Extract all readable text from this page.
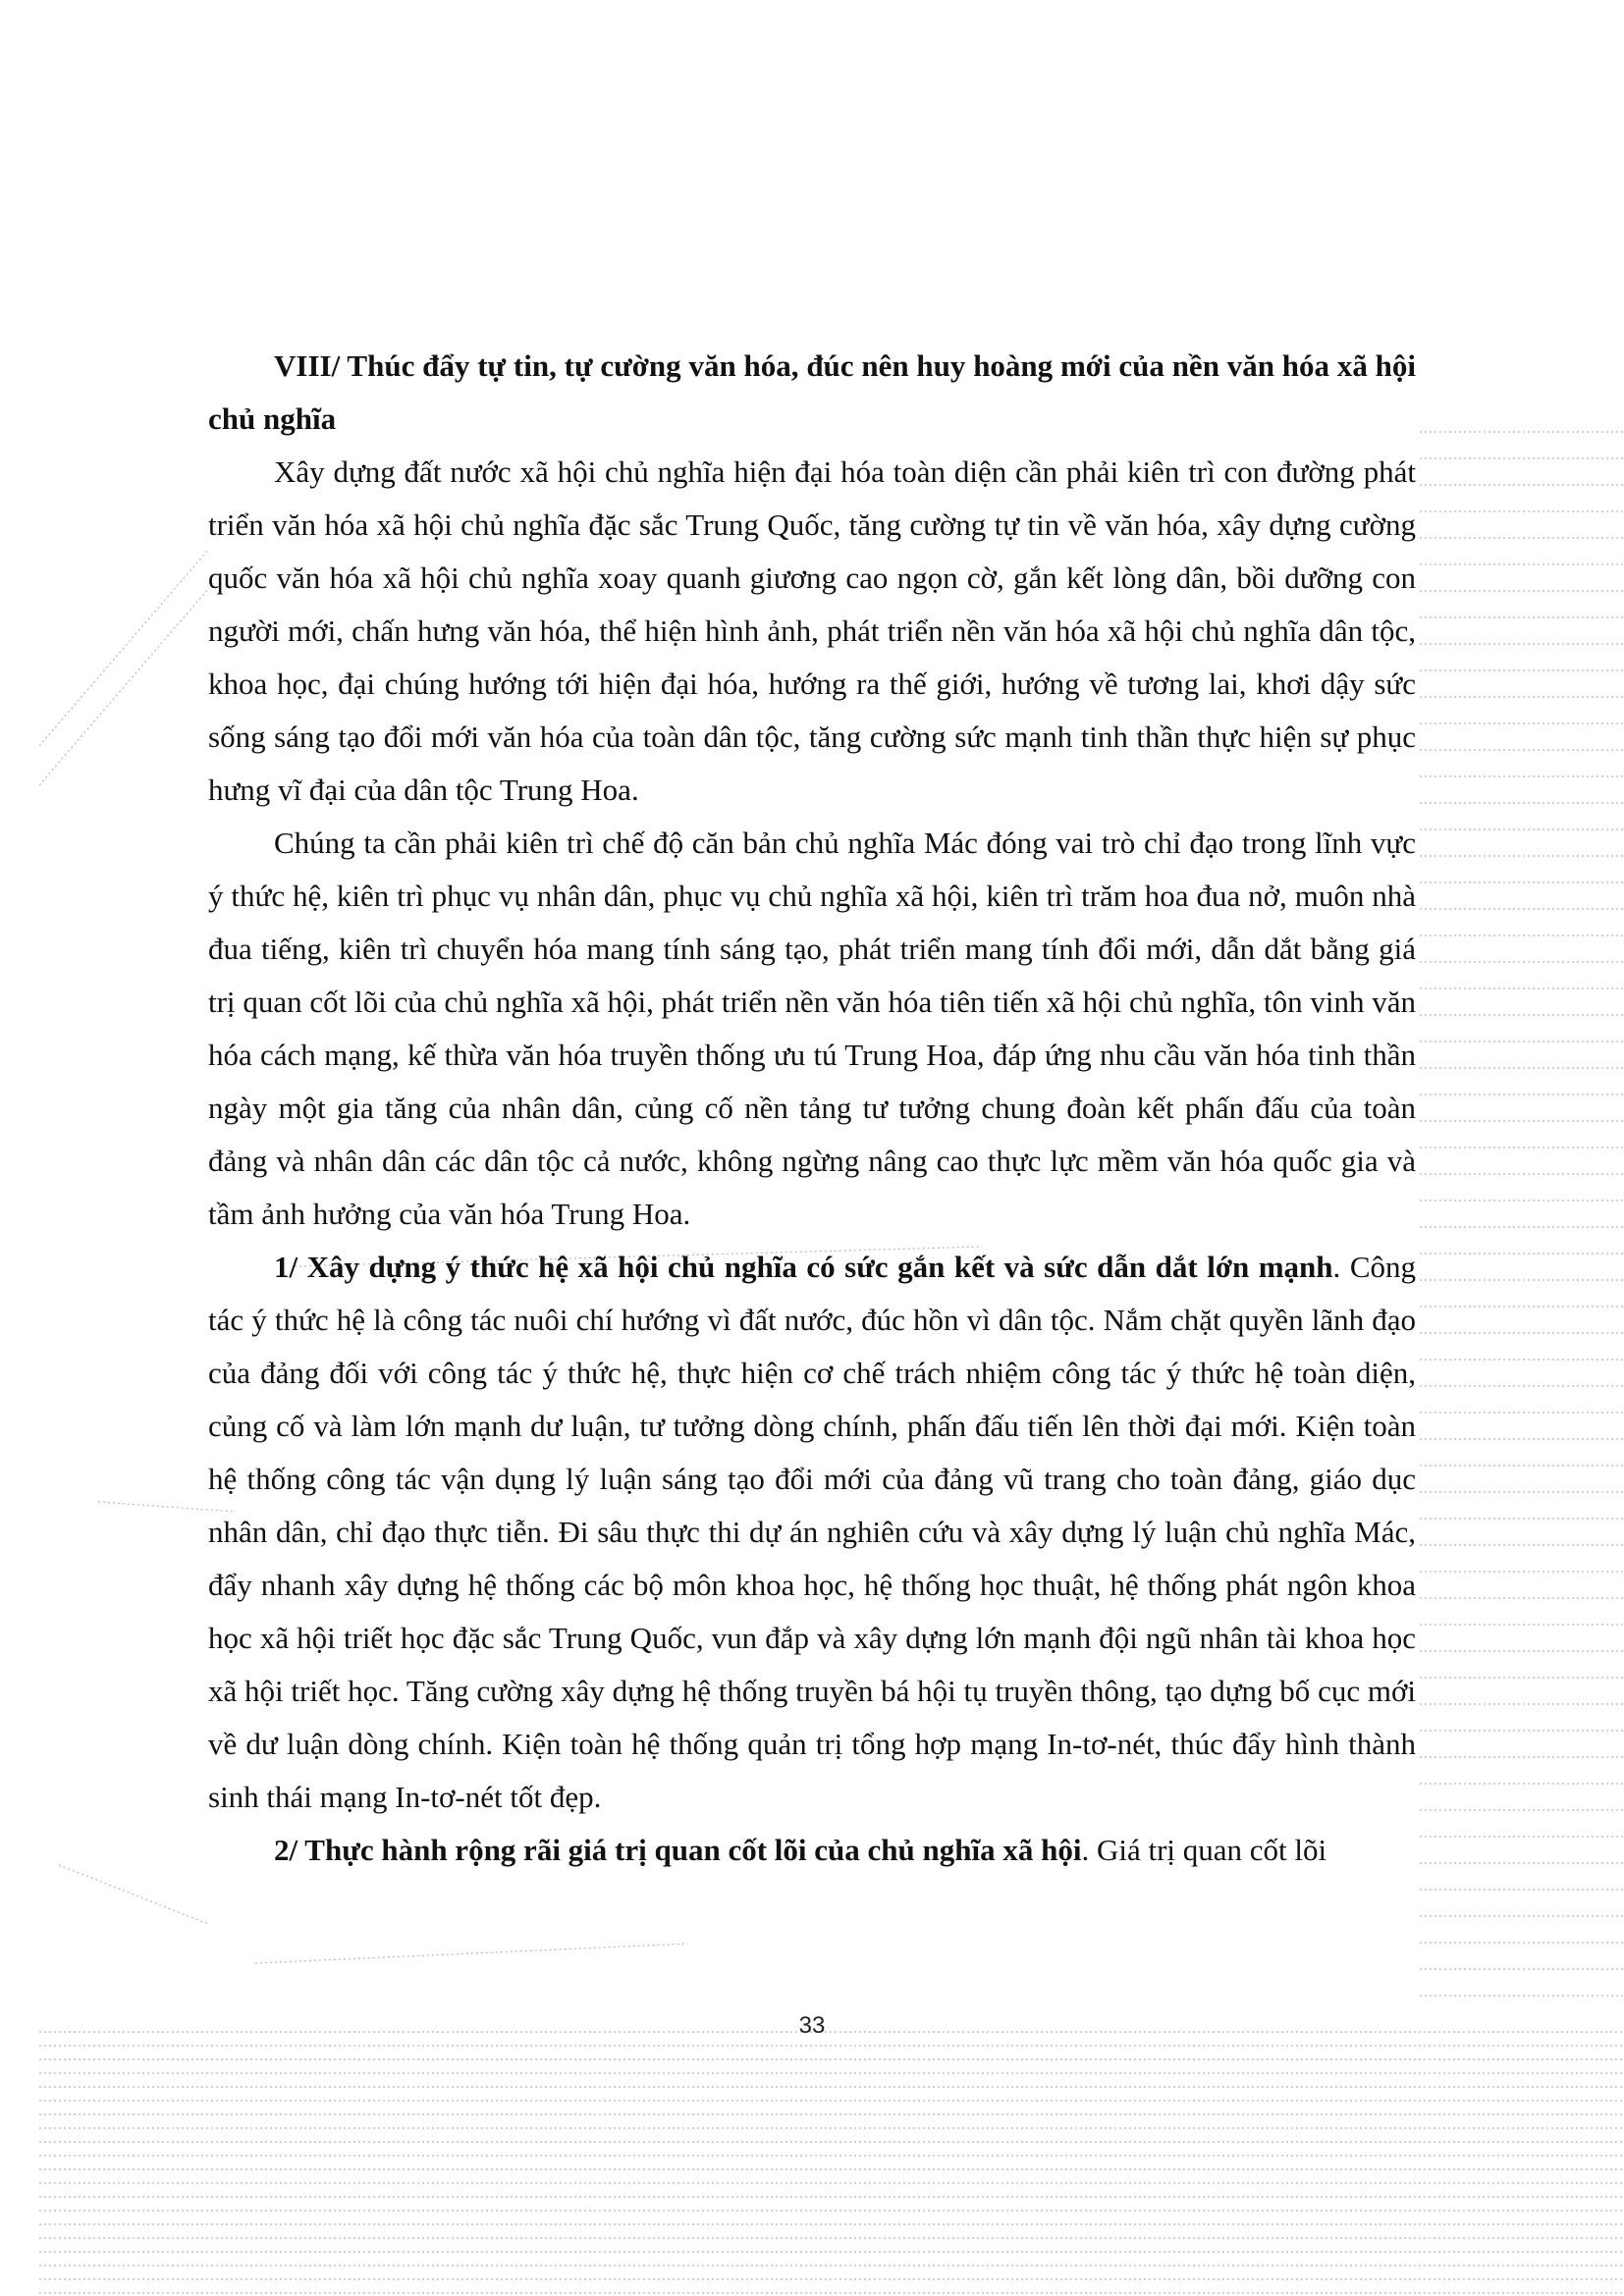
VIII/ Thúc đẩy tự tin, tự cường văn hóa, đúc nên huy hoàng mới của nền văn hóa xã hội chủ nghĩa

Xây dựng đất nước xã hội chủ nghĩa hiện đại hóa toàn diện cần phải kiên trì con đường phát triển văn hóa xã hội chủ nghĩa đặc sắc Trung Quốc, tăng cường tự tin về văn hóa, xây dựng cường quốc văn hóa xã hội chủ nghĩa xoay quanh giương cao ngọn cờ, gắn kết lòng dân, bồi dưỡng con người mới, chấn hưng văn hóa, thể hiện hình ảnh, phát triển nền văn hóa xã hội chủ nghĩa dân tộc, khoa học, đại chúng hướng tới hiện đại hóa, hướng ra thế giới, hướng về tương lai, khơi dậy sức sống sáng tạo đổi mới văn hóa của toàn dân tộc, tăng cường sức mạnh tinh thần thực hiện sự phục hưng vĩ đại của dân tộc Trung Hoa.

Chúng ta cần phải kiên trì chế độ căn bản chủ nghĩa Mác đóng vai trò chỉ đạo trong lĩnh vực ý thức hệ, kiên trì phục vụ nhân dân, phục vụ chủ nghĩa xã hội, kiên trì trăm hoa đua nở, muôn nhà đua tiếng, kiên trì chuyển hóa mang tính sáng tạo, phát triển mang tính đổi mới, dẫn dắt bằng giá trị quan cốt lõi của chủ nghĩa xã hội, phát triển nền văn hóa tiên tiến xã hội chủ nghĩa, tôn vinh văn hóa cách mạng, kế thừa văn hóa truyền thống ưu tú Trung Hoa, đáp ứng nhu cầu văn hóa tinh thần ngày một gia tăng của nhân dân, củng cố nền tảng tư tưởng chung đoàn kết phấn đấu của toàn đảng và nhân dân các dân tộc cả nước, không ngừng nâng cao thực lực mềm văn hóa quốc gia và tầm ảnh hưởng của văn hóa Trung Hoa.

1/ Xây dựng ý thức hệ xã hội chủ nghĩa có sức gắn kết và sức dẫn dắt lớn mạnh. Công tác ý thức hệ là công tác nuôi chí hướng vì đất nước, đúc hồn vì dân tộc. Nắm chặt quyền lãnh đạo của đảng đối với công tác ý thức hệ, thực hiện cơ chế trách nhiệm công tác ý thức hệ toàn diện, củng cố và làm lớn mạnh dư luận, tư tưởng dòng chính, phấn đấu tiến lên thời đại mới. Kiện toàn hệ thống công tác vận dụng lý luận sáng tạo đổi mới của đảng vũ trang cho toàn đảng, giáo dục nhân dân, chỉ đạo thực tiễn. Đi sâu thực thi dự án nghiên cứu và xây dựng lý luận chủ nghĩa Mác, đẩy nhanh xây dựng hệ thống các bộ môn khoa học, hệ thống học thuật, hệ thống phát ngôn khoa học xã hội triết học đặc sắc Trung Quốc, vun đắp và xây dựng lớn mạnh đội ngũ nhân tài khoa học xã hội triết học. Tăng cường xây dựng hệ thống truyền bá hội tụ truyền thông, tạo dựng bố cục mới về dư luận dòng chính. Kiện toàn hệ thống quản trị tổng hợp mạng In-tơ-nét, thúc đẩy hình thành sinh thái mạng In-tơ-nét tốt đẹp.

2/ Thực hành rộng rãi giá trị quan cốt lõi của chủ nghĩa xã hội. Giá trị quan cốt lõi

33
